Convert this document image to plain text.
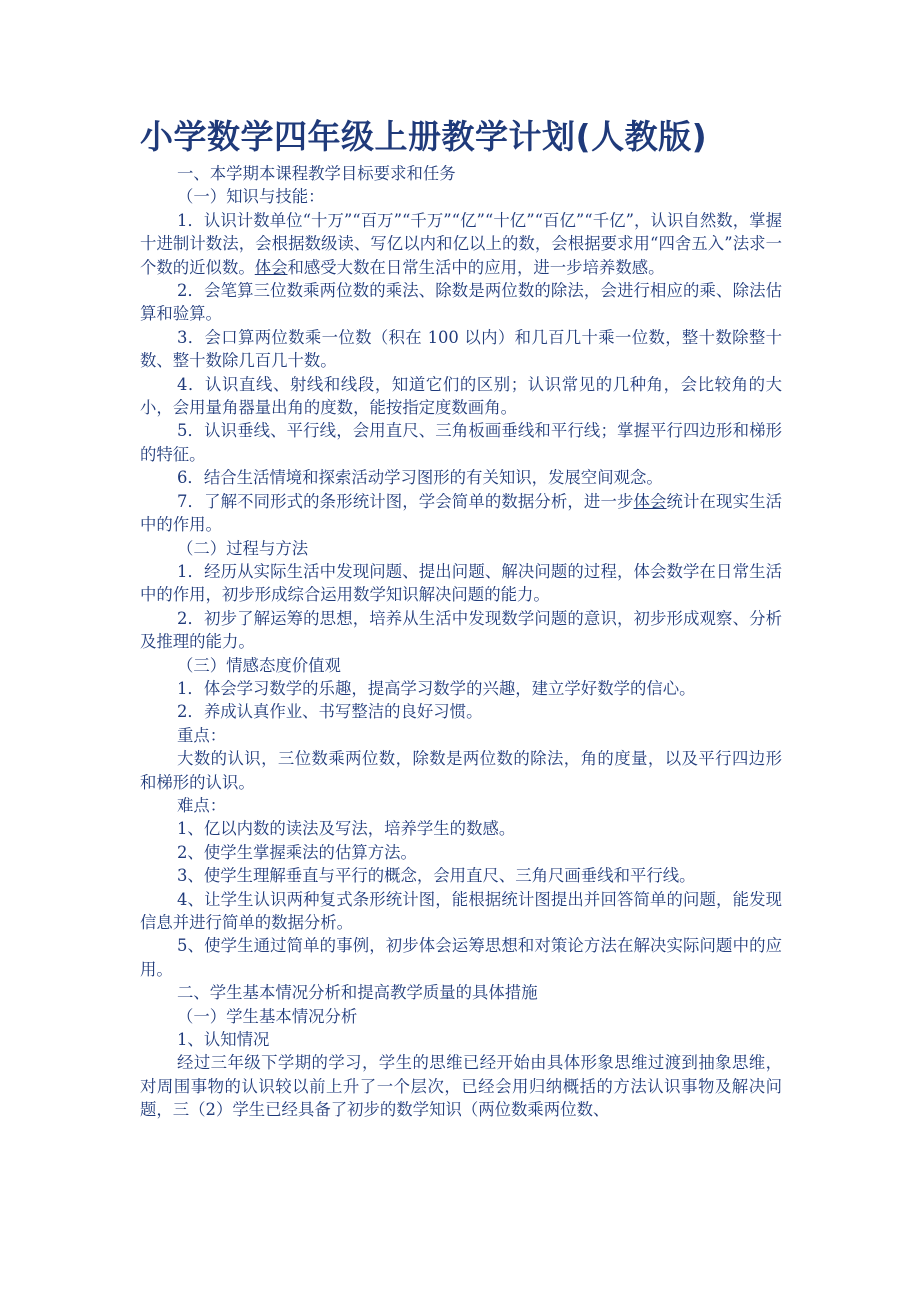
小学数学四年级上册教学计划(人教版)

一、本学期本课程教学目标要求和任务

（一）知识与技能：

1．认识计数单位“十万”“百万”“千万”“亿”“十亿”“百亿”“千亿”，认识自然数，掌握十进制计数法，会根据数级读、写亿以内和亿以上的数，会根据要求用“四舍五入”法求一个数的近似数。体会和感受大数在日常生活中的应用，进一步培养数感。

2．会笔算三位数乘两位数的乘法、除数是两位数的除法，会进行相应的乘、除法估算和验算。

3．会口算两位数乘一位数（积在 100 以内）和几百几十乘一位数，整十数除整十数、整十数除几百几十数。

4．认识直线、射线和线段，知道它们的区别；认识常见的几种角，会比较角的大小，会用量角器量出角的度数，能按指定度数画角。

5．认识垂线、平行线，会用直尺、三角板画垂线和平行线；掌握平行四边形和梯形的特征。

6．结合生活情境和探索活动学习图形的有关知识，发展空间观念。

7．了解不同形式的条形统计图，学会简单的数据分析，进一步体会统计在现实生活中的作用。

（二）过程与方法

1．经历从实际生活中发现问题、提出问题、解决问题的过程，体会数学在日常生活中的作用，初步形成综合运用数学知识解决问题的能力。

2．初步了解运筹的思想，培养从生活中发现数学问题的意识，初步形成观察、分析及推理的能力。

（三）情感态度价值观

1．体会学习数学的乐趣，提高学习数学的兴趣，建立学好数学的信心。

2．养成认真作业、书写整洁的良好习惯。

重点：

大数的认识，三位数乘两位数，除数是两位数的除法，角的度量，以及平行四边形和梯形的认识。

难点：

1、亿以内数的读法及写法，培养学生的数感。

2、使学生掌握乘法的估算方法。

3、使学生理解垂直与平行的概念，会用直尺、三角尺画垂线和平行线。

4、让学生认识两种复式条形统计图，能根据统计图提出并回答简单的问题，能发现信息并进行简单的数据分析。

5、使学生通过简单的事例，初步体会运筹思想和对策论方法在解决实际问题中的应用。

二、学生基本情况分析和提高教学质量的具体措施

（一）学生基本情况分析

1、认知情况

经过三年级下学期的学习，学生的思维已经开始由具体形象思维过渡到抽象思维，对周围事物的认识较以前上升了一个层次，已经会用归纳概括的方法认识事物及解决问题，三（2）学生已经具备了初步的数学知识（两位数乘两位数、
